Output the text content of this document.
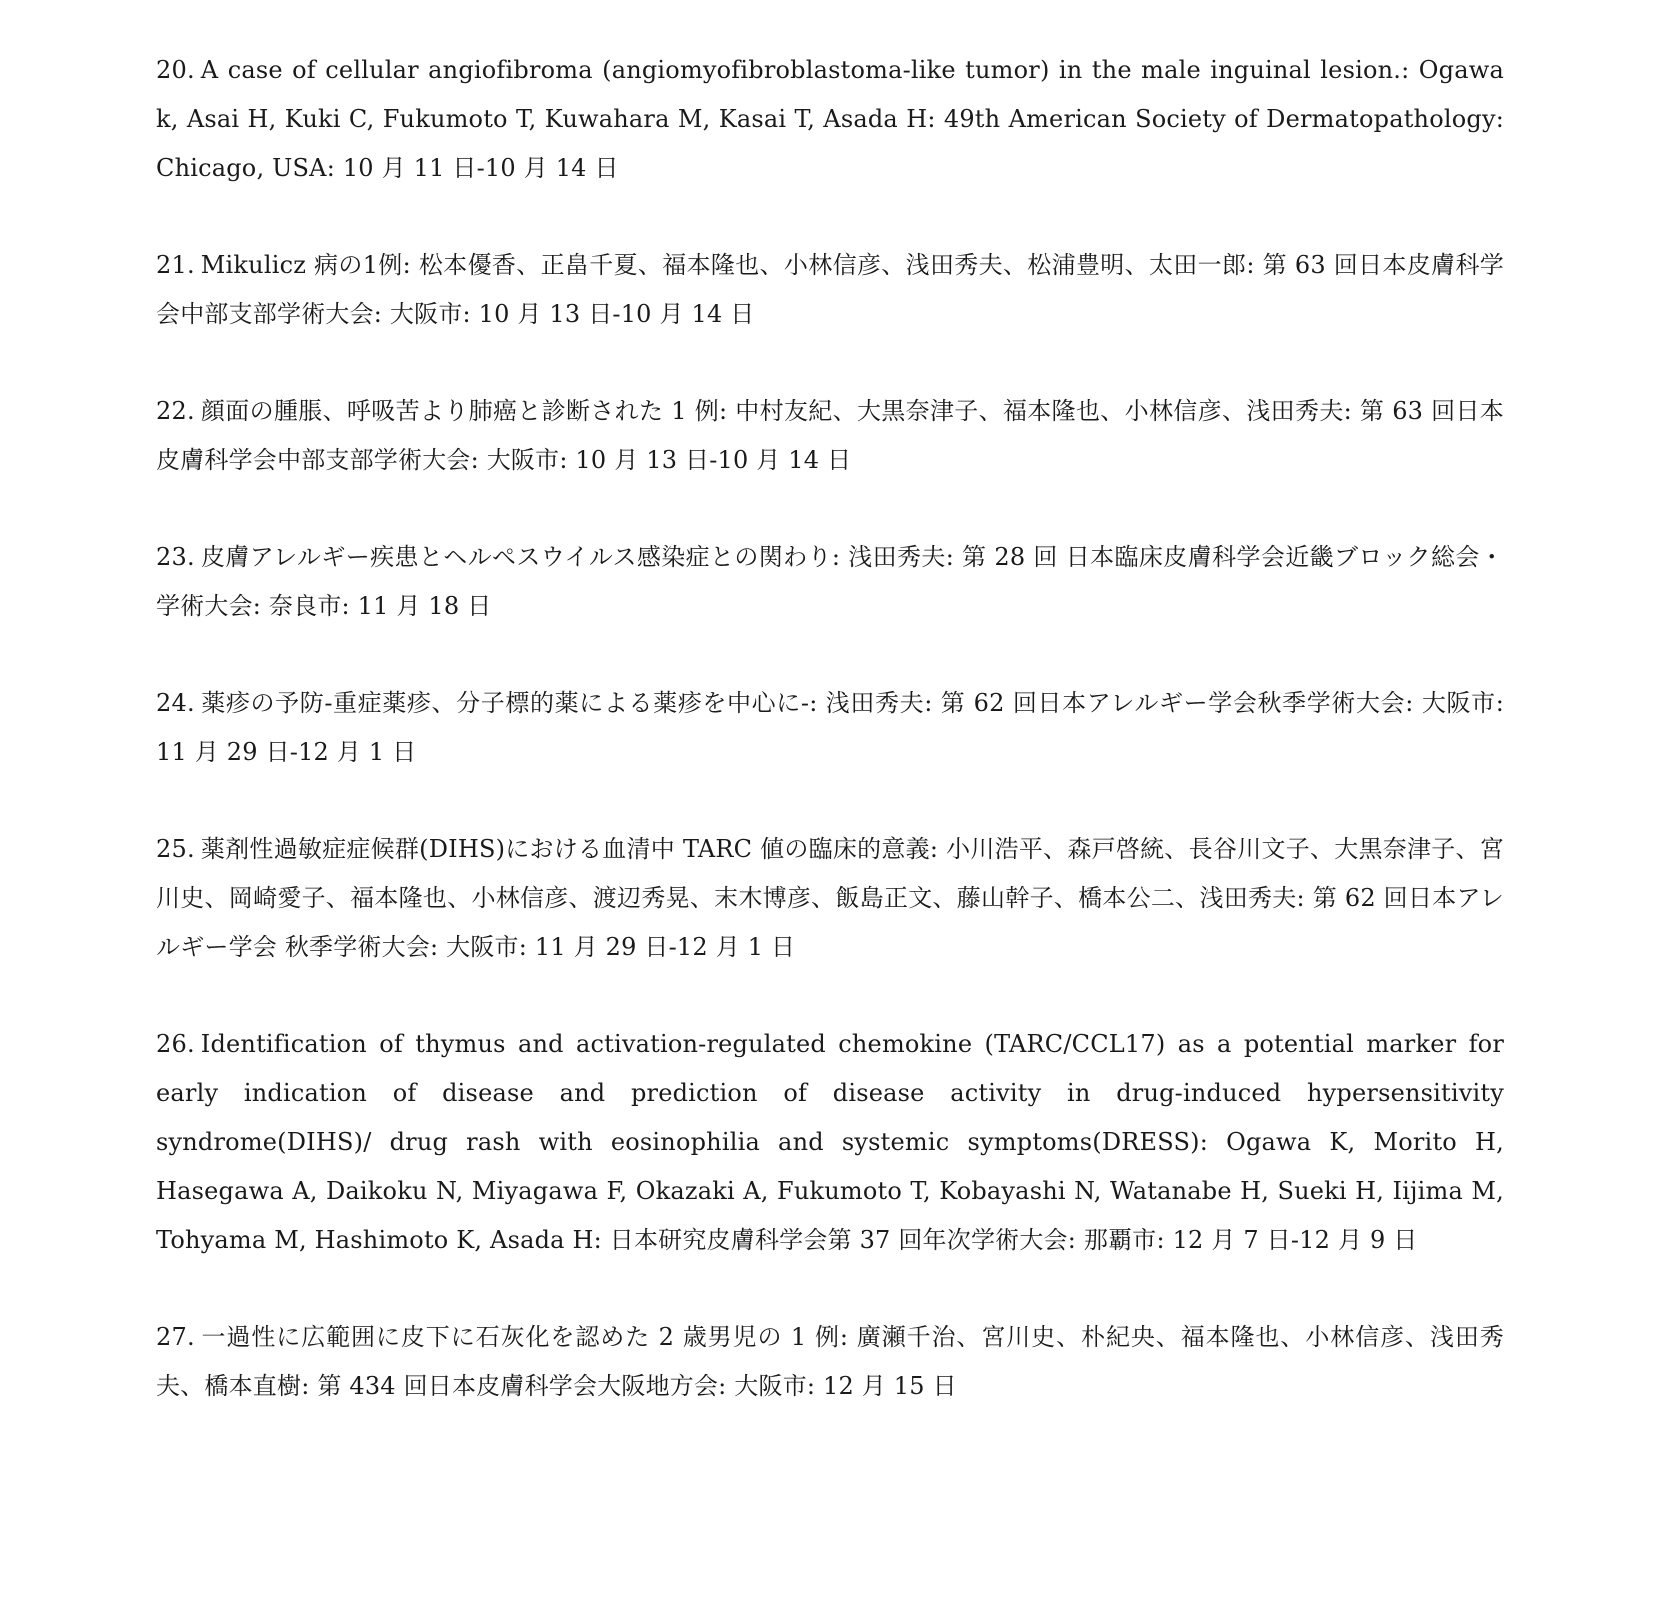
20. A case of cellular angiofibroma (angiomyofibroblastoma-like tumor) in the male inguinal lesion.: Ogawa k, Asai H, Kuki C, Fukumoto T, Kuwahara M, Kasai T, Asada H: 49th American Society of Dermatopathology: Chicago, USA: 10 月 11 日-10 月 14 日
21. Mikulicz 病の1例: 松本優香、正畠千夏、福本隆也、小林信彦、浅田秀夫、松浦豊明、太田一郎: 第 63 回日本皮膚科学会中部支部学術大会: 大阪市: 10 月 13 日-10 月 14 日
22. 顔面の腫脹、呼吸苦より肺癌と診断された 1 例: 中村友紀、大黒奈津子、福本隆也、小林信彦、浅田秀夫: 第 63 回日本皮膚科学会中部支部学術大会: 大阪市: 10 月 13 日-10 月 14 日
23. 皮膚アレルギー疾患とヘルペスウイルス感染症との関わり: 浅田秀夫: 第 28 回 日本臨床皮膚科学会近畿ブロック総会・学術大会: 奈良市: 11 月 18 日
24. 薬疹の予防-重症薬疹、分子標的薬による薬疹を中心に-: 浅田秀夫: 第 62 回日本アレルギー学会秋季学術大会: 大阪市: 11 月 29 日-12 月 1 日
25. 薬剤性過敏症症候群(DIHS)における血清中 TARC 値の臨床的意義: 小川浩平、森戸啓統、長谷川文子、大黒奈津子、宮川史、岡崎愛子、福本隆也、小林信彦、渡辺秀晃、末木博彦、飯島正文、藤山幹子、橋本公二、浅田秀夫: 第 62 回日本アレルギー学会 秋季学術大会: 大阪市: 11 月 29 日-12 月 1 日
26. Identification of thymus and activation-regulated chemokine (TARC/CCL17) as a potential marker for early indication of disease and prediction of disease activity in drug-induced hypersensitivity syndrome(DIHS)/ drug rash with eosinophilia and systemic symptoms(DRESS): Ogawa K, Morito H, Hasegawa A, Daikoku N, Miyagawa F, Okazaki A, Fukumoto T, Kobayashi N, Watanabe H, Sueki H, Iijima M, Tohyama M, Hashimoto K, Asada H: 日本研究皮膚科学会第 37 回年次学術大会: 那覇市: 12 月 7 日-12 月 9 日
27. 一過性に広範囲に皮下に石灰化を認めた 2 歳男児の 1 例: 廣瀬千治、宮川史、朴紀央、福本隆也、小林信彦、浅田秀夫、橋本直樹: 第 434 回日本皮膚科学会大阪地方会: 大阪市: 12 月 15 日
